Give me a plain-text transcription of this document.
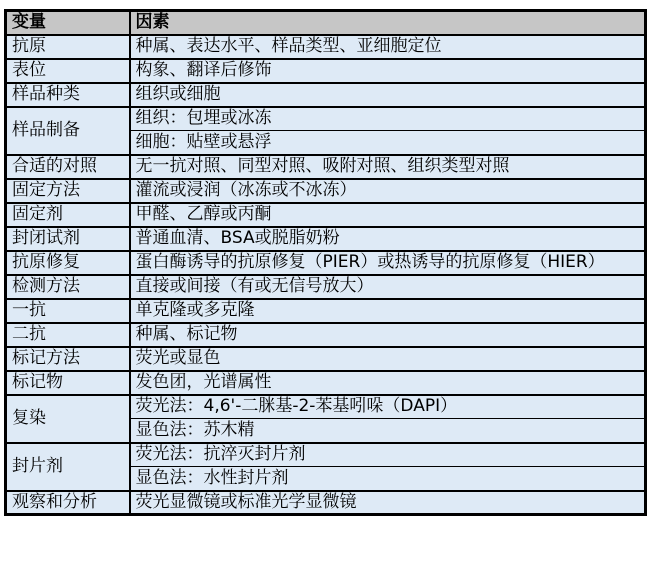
变量	因素
抗原	种属、表达水平、样品类型、亚细胞定位
表位	构象、翻译后修饰
样品种类	组织或细胞
样品制备	组织：包埋或冰冻
	细胞：贴壁或悬浮
合适的对照	无一抗对照、同型对照、吸附对照、组织类型对照
固定方法	灌流或浸润（冰冻或不冰冻）
固定剂	甲醛、乙醇或丙酮
封闭试剂	普通血清、BSA或脱脂奶粉
抗原修复	蛋白酶诱导的抗原修复（PIER）或热诱导的抗原修复（HIER）
检测方法	直接或间接（有或无信号放大）
一抗	单克隆或多克隆
二抗	种属、标记物
标记方法	荧光或显色
标记物	发色团，光谱属性
复染	荧光法：4,6'-二脒基-2-苯基吲哚（DAPI）
	显色法：苏木精
封片剂	荧光法：抗淬灭封片剂
	显色法：水性封片剂
观察和分析	荧光显微镜或标准光学显微镜
